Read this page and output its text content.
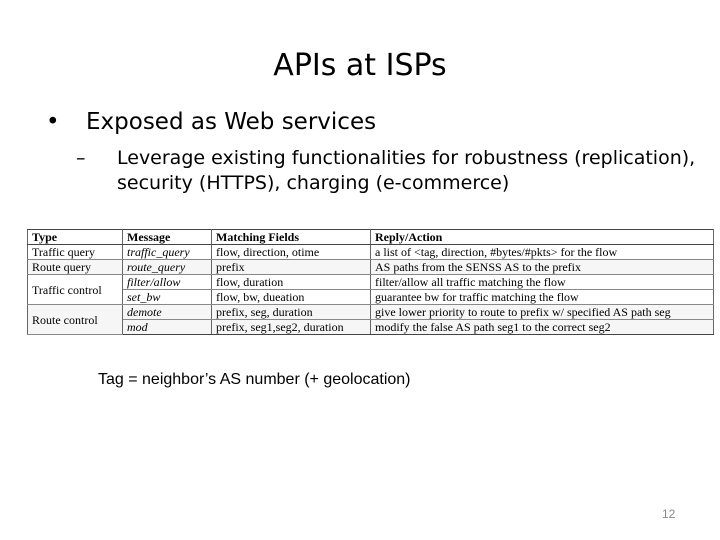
APIs at ISPs
• Exposed as Web services
– Leverage existing functionalities for robustness (replication), security (HTTPS), charging (e-commerce)
Type	Message	Matching Fields	Reply/Action
Traffic query	traffic_query	flow, direction, otime	a list of <tag, direction, #bytes/#pkts> for the flow
Route query	route_query	prefix	AS paths from the SENSS AS to the prefix
Traffic control	filter/allow	flow, duration	filter/allow all traffic matching the flow
	set_bw	flow, bw, dueation	guarantee bw for traffic matching the flow
Route control	demote	prefix, seg, duration	give lower priority to route to prefix w/ specified AS path seg
	mod	prefix, seg1,seg2, duration	modify the false AS path seg1 to the correct seg2
Tag = neighbor’s AS number (+ geolocation)
12
